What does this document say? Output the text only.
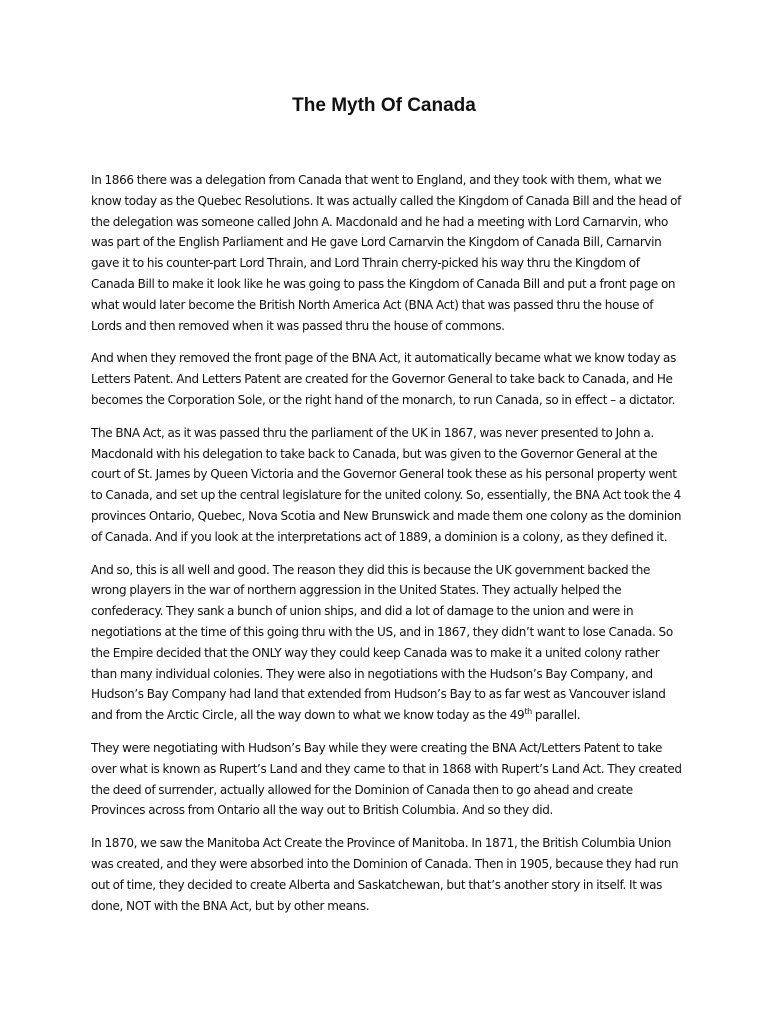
The Myth Of Canada

In 1866 there was a delegation from Canada that went to England, and they took with them, what we know today as the Quebec Resolutions. It was actually called the Kingdom of Canada Bill and the head of the delegation was someone called John A. Macdonald and he had a meeting with Lord Carnarvin, who was part of the English Parliament and He gave Lord Carnarvin the Kingdom of Canada Bill, Carnarvin gave it to his counter-part Lord Thrain, and Lord Thrain cherry-picked his way thru the Kingdom of Canada Bill to make it look like he was going to pass the Kingdom of Canada Bill and put a front page on what would later become the British North America Act (BNA Act) that was passed thru the house of Lords and then removed when it was passed thru the house of commons.

And when they removed the front page of the BNA Act, it automatically became what we know today as Letters Patent. And Letters Patent are created for the Governor General to take back to Canada, and He becomes the Corporation Sole, or the right hand of the monarch, to run Canada, so in effect – a dictator.

The BNA Act, as it was passed thru the parliament of the UK in 1867, was never presented to John a. Macdonald with his delegation to take back to Canada, but was given to the Governor General at the court of St. James by Queen Victoria and the Governor General took these as his personal property went to Canada, and set up the central legislature for the united colony. So, essentially, the BNA Act took the 4 provinces Ontario, Quebec, Nova Scotia and New Brunswick and made them one colony as the dominion of Canada. And if you look at the interpretations act of 1889, a dominion is a colony, as they defined it.

And so, this is all well and good. The reason they did this is because the UK government backed the wrong players in the war of northern aggression in the United States. They actually helped the confederacy. They sank a bunch of union ships, and did a lot of damage to the union and were in negotiations at the time of this going thru with the US, and in 1867, they didn’t want to lose Canada. So the Empire decided that the ONLY way they could keep Canada was to make it a united colony rather than many individual colonies. They were also in negotiations with the Hudson’s Bay Company, and Hudson’s Bay Company had land that extended from Hudson’s Bay to as far west as Vancouver island and from the Arctic Circle, all the way down to what we know today as the 49th parallel.

They were negotiating with Hudson’s Bay while they were creating the BNA Act/Letters Patent to take over what is known as Rupert’s Land and they came to that in 1868 with Rupert’s Land Act. They created the deed of surrender, actually allowed for the Dominion of Canada then to go ahead and create Provinces across from Ontario all the way out to British Columbia. And so they did.

In 1870, we saw the Manitoba Act Create the Province of Manitoba. In 1871, the British Columbia Union was created, and they were absorbed into the Dominion of Canada. Then in 1905, because they had run out of time, they decided to create Alberta and Saskatchewan, but that’s another story in itself. It was done, NOT with the BNA Act, but by other means.
